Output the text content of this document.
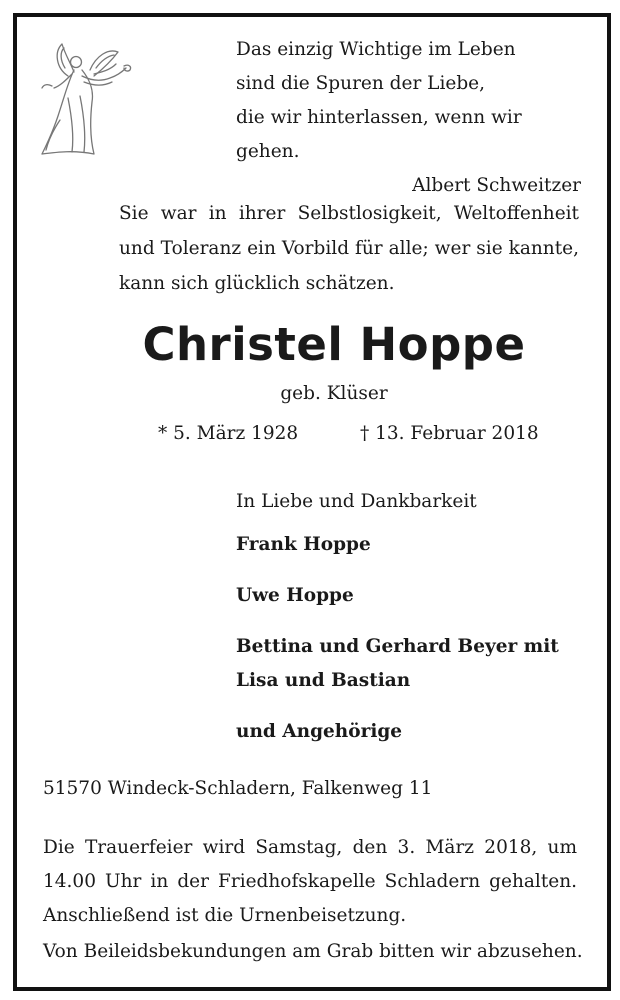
Das einzig Wichtige im Leben
sind die Spuren der Liebe,
die wir hinterlassen, wenn wir gehen.
Albert Schweitzer
Sie war in ihrer Selbstlosigkeit, Weltoffenheit und Toleranz ein Vorbild für alle; wer sie kannte, kann sich glücklich schätzen.
Christel Hoppe
geb. Klüser
* 5. März 1928	† 13. Februar 2018
In Liebe und Dankbarkeit
Frank Hoppe
Uwe Hoppe
Bettina und Gerhard Beyer mit
Lisa und Bastian
und Angehörige
51570 Windeck-Schladern, Falkenweg 11
Die Trauerfeier wird Samstag, den 3. März 2018, um 14.00 Uhr in der Friedhofskapelle Schladern gehalten. Anschließend ist die Urnenbeisetzung.
Von Beileidsbekundungen am Grab bitten wir abzusehen.
